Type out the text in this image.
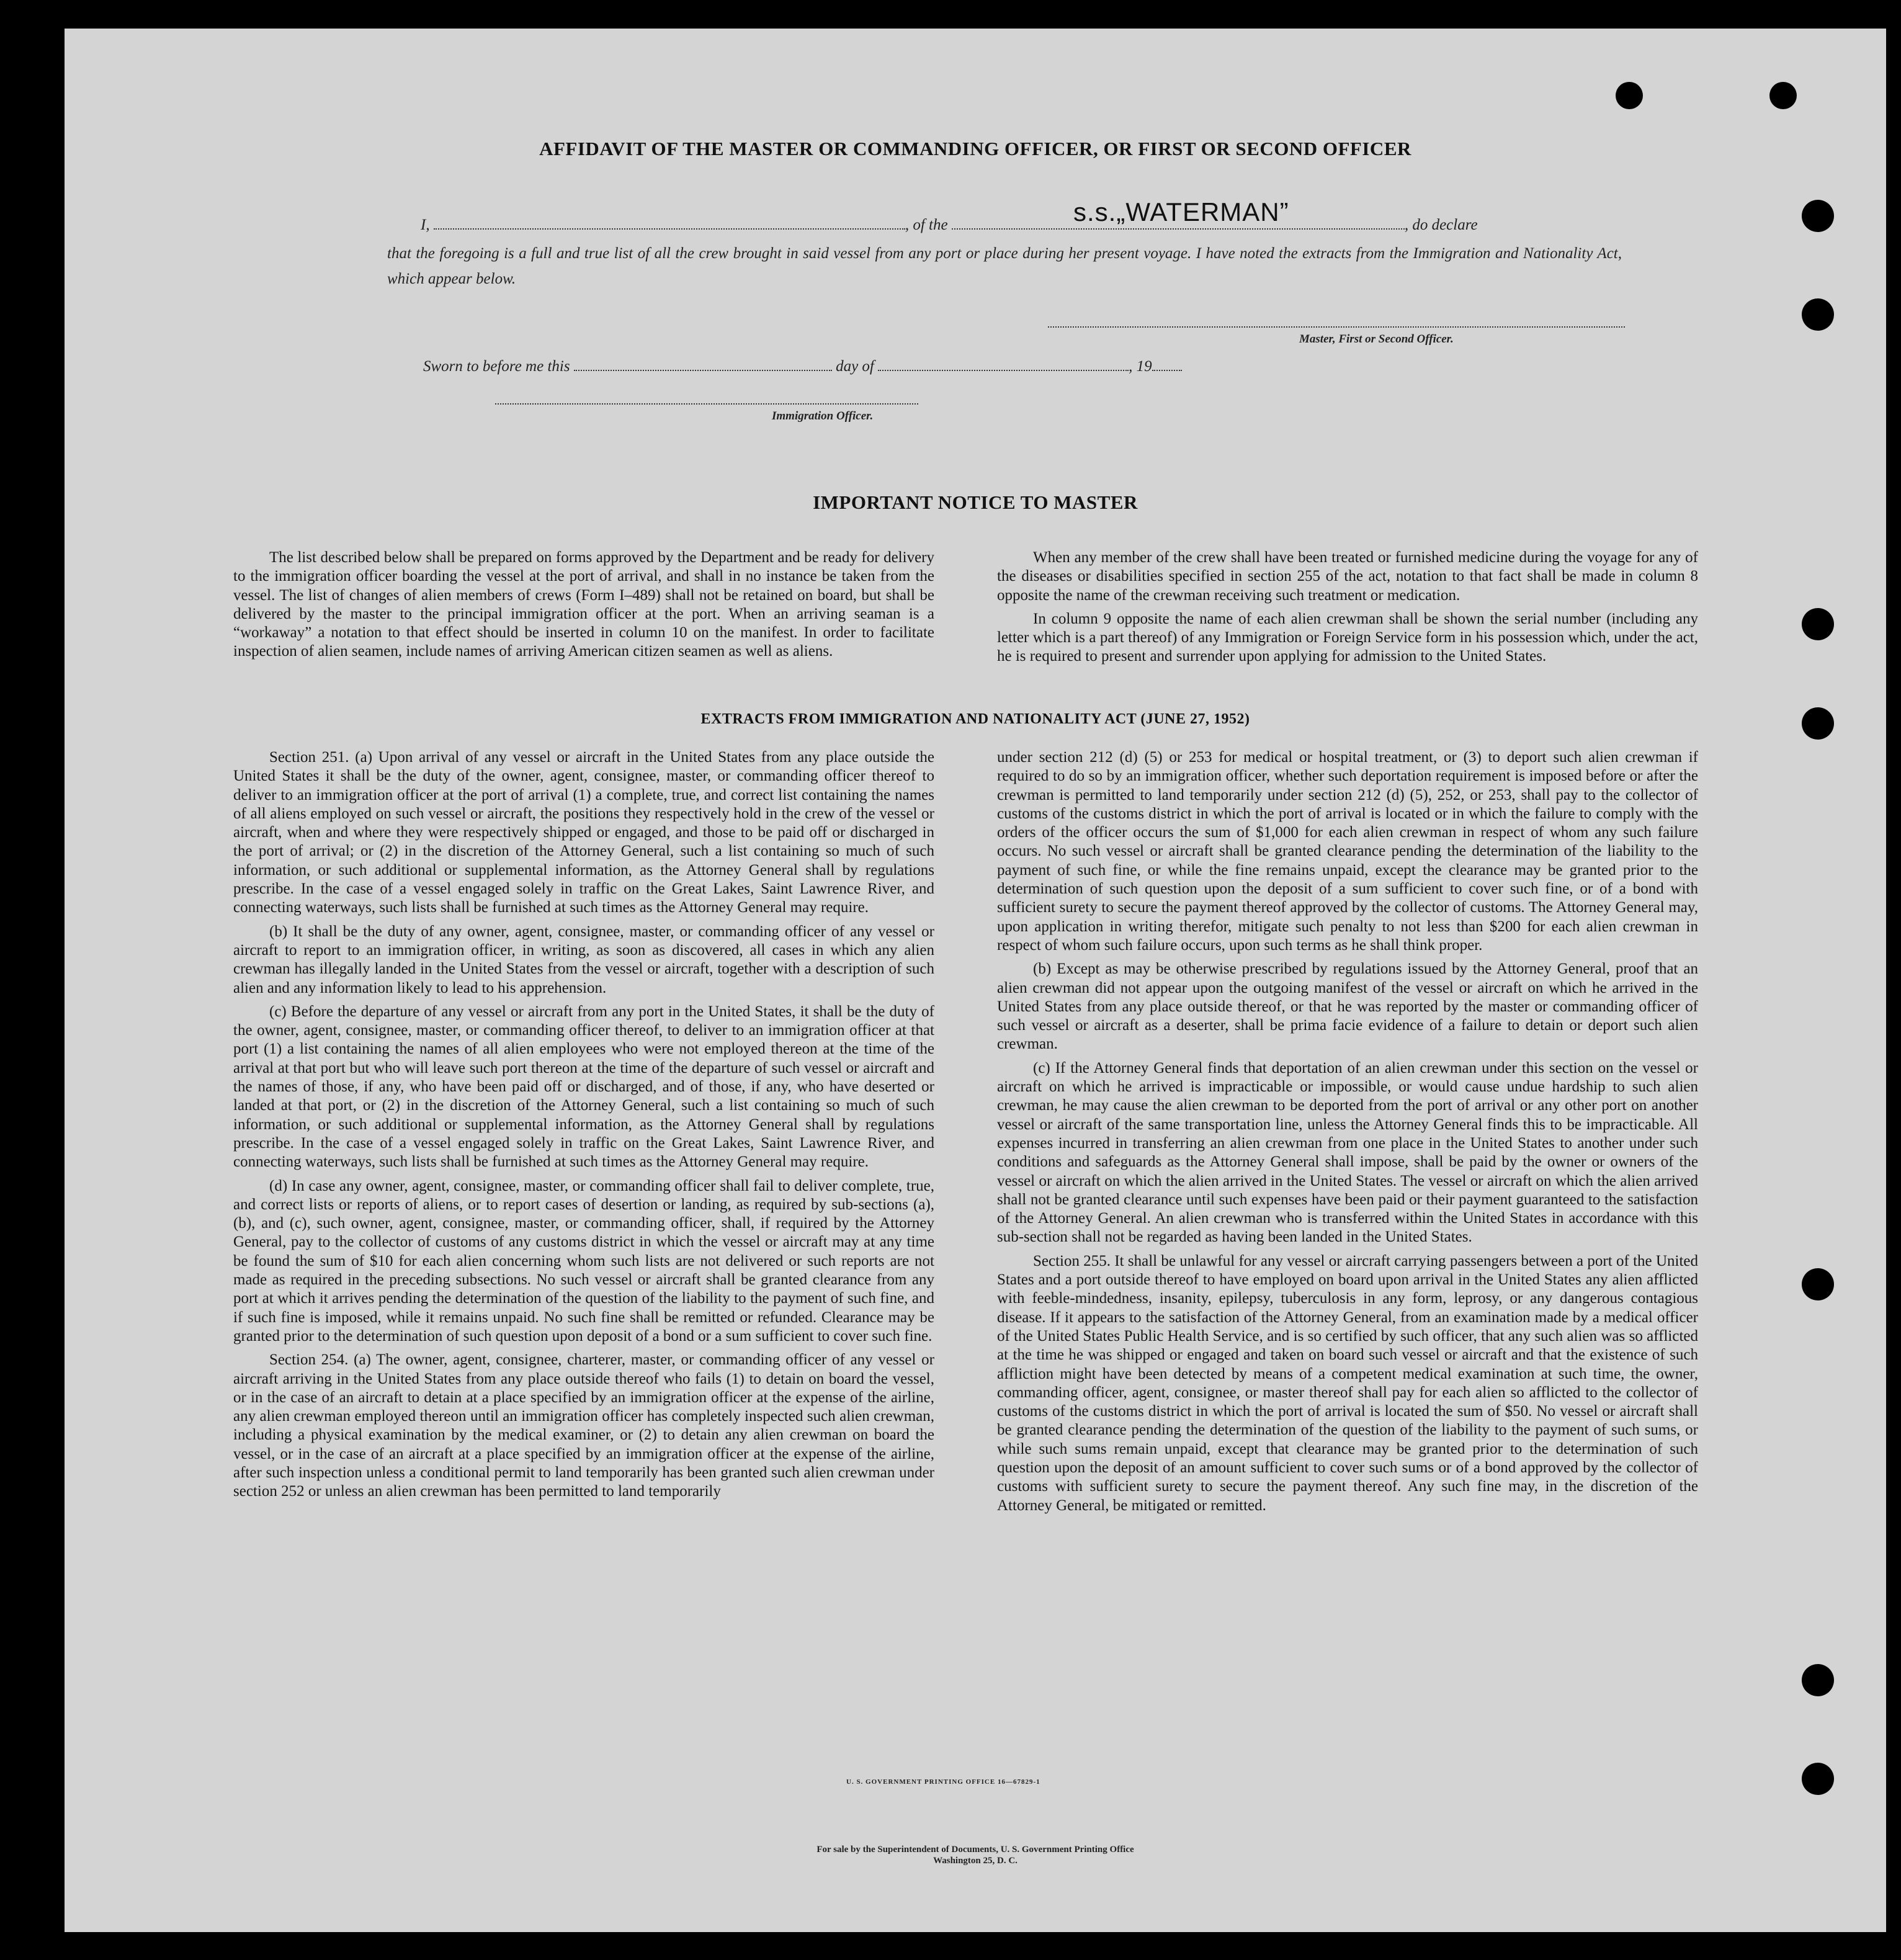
AFFIDAVIT OF THE MASTER OR COMMANDING OFFICER, OR FIRST OR SECOND OFFICER
I,	, of the	, do declare
s.s.„WATERMAN”
that the foregoing is a full and true list of all the crew brought in said vessel from any port or place during her present voyage. I have noted the extracts from the Immigration and Nationality Act, which appear below.
Master, First or Second Officer.
Sworn to before me this	day of	, 19
Immigration Officer.
IMPORTANT NOTICE TO MASTER

The list described below shall be prepared on forms approved by the Department and be ready for delivery to the immigration officer boarding the vessel at the port of arrival, and shall in no instance be taken from the vessel. The list of changes of alien members of crews (Form I–489) shall not be retained on board, but shall be delivered by the master to the principal immigration officer at the port. When an arriving seaman is a “workaway” a notation to that effect should be inserted in column 10 on the manifest. In order to facilitate inspection of alien seamen, include names of arriving American citizen seamen as well as aliens.

When any member of the crew shall have been treated or furnished medicine during the voyage for any of the diseases or disabilities specified in section 255 of the act, notation to that fact shall be made in column 8 opposite the name of the crewman receiving such treatment or medication.

In column 9 opposite the name of each alien crewman shall be shown the serial number (including any letter which is a part thereof) of any Immigration or Foreign Service form in his possession which, under the act, he is required to present and surrender upon applying for admission to the United States.

EXTRACTS FROM IMMIGRATION AND NATIONALITY ACT (JUNE 27, 1952)

Section 251. (a) Upon arrival of any vessel or aircraft in the United States from any place outside the United States it shall be the duty of the owner, agent, consignee, master, or commanding officer thereof to deliver to an immigration officer at the port of arrival (1) a complete, true, and correct list containing the names of all aliens employed on such vessel or aircraft, the positions they respectively hold in the crew of the vessel or aircraft, when and where they were respectively shipped or engaged, and those to be paid off or discharged in the port of arrival; or (2) in the discretion of the Attorney General, such a list containing so much of such information, or such additional or supplemental information, as the Attorney General shall by regulations prescribe. In the case of a vessel engaged solely in traffic on the Great Lakes, Saint Lawrence River, and connecting waterways, such lists shall be furnished at such times as the Attorney General may require.

(b) It shall be the duty of any owner, agent, consignee, master, or commanding officer of any vessel or aircraft to report to an immigration officer, in writing, as soon as discovered, all cases in which any alien crewman has illegally landed in the United States from the vessel or aircraft, together with a description of such alien and any information likely to lead to his apprehension.

(c) Before the departure of any vessel or aircraft from any port in the United States, it shall be the duty of the owner, agent, consignee, master, or commanding officer thereof, to deliver to an immigration officer at that port (1) a list containing the names of all alien employees who were not employed thereon at the time of the arrival at that port but who will leave such port thereon at the time of the departure of such vessel or aircraft and the names of those, if any, who have been paid off or discharged, and of those, if any, who have deserted or landed at that port, or (2) in the discretion of the Attorney General, such a list containing so much of such information, or such additional or supplemental information, as the Attorney General shall by regulations prescribe. In the case of a vessel engaged solely in traffic on the Great Lakes, Saint Lawrence River, and connecting waterways, such lists shall be furnished at such times as the Attorney General may require.

(d) In case any owner, agent, consignee, master, or commanding officer shall fail to deliver complete, true, and correct lists or reports of aliens, or to report cases of desertion or landing, as required by sub-sections (a), (b), and (c), such owner, agent, consignee, master, or commanding officer, shall, if required by the Attorney General, pay to the collector of customs of any customs district in which the vessel or aircraft may at any time be found the sum of $10 for each alien concerning whom such lists are not delivered or such reports are not made as required in the preceding subsections. No such vessel or aircraft shall be granted clearance from any port at which it arrives pending the determination of the question of the liability to the payment of such fine, and if such fine is imposed, while it remains unpaid. No such fine shall be remitted or refunded. Clearance may be granted prior to the determination of such question upon deposit of a bond or a sum sufficient to cover such fine.

Section 254. (a) The owner, agent, consignee, charterer, master, or commanding officer of any vessel or aircraft arriving in the United States from any place outside thereof who fails (1) to detain on board the vessel, or in the case of an aircraft to detain at a place specified by an immigration officer at the expense of the airline, any alien crewman employed thereon until an immigration officer has completely inspected such alien crewman, including a physical examination by the medical examiner, or (2) to detain any alien crewman on board the vessel, or in the case of an aircraft at a place specified by an immigration officer at the expense of the airline, after such inspection unless a conditional permit to land temporarily has been granted such alien crewman under section 252 or unless an alien crewman has been permitted to land temporarily

under section 212 (d) (5) or 253 for medical or hospital treatment, or (3) to deport such alien crewman if required to do so by an immigration officer, whether such deportation requirement is imposed before or after the crewman is permitted to land temporarily under section 212 (d) (5), 252, or 253, shall pay to the collector of customs of the customs district in which the port of arrival is located or in which the failure to comply with the orders of the officer occurs the sum of $1,000 for each alien crewman in respect of whom any such failure occurs. No such vessel or aircraft shall be granted clearance pending the determination of the liability to the payment of such fine, or while the fine remains unpaid, except the clearance may be granted prior to the determination of such question upon the deposit of a sum sufficient to cover such fine, or of a bond with sufficient surety to secure the payment thereof approved by the collector of customs. The Attorney General may, upon application in writing therefor, mitigate such penalty to not less than $200 for each alien crewman in respect of whom such failure occurs, upon such terms as he shall think proper.

(b) Except as may be otherwise prescribed by regulations issued by the Attorney General, proof that an alien crewman did not appear upon the outgoing manifest of the vessel or aircraft on which he arrived in the United States from any place outside thereof, or that he was reported by the master or commanding officer of such vessel or aircraft as a deserter, shall be prima facie evidence of a failure to detain or deport such alien crewman.

(c) If the Attorney General finds that deportation of an alien crewman under this section on the vessel or aircraft on which he arrived is impracticable or impossible, or would cause undue hardship to such alien crewman, he may cause the alien crewman to be deported from the port of arrival or any other port on another vessel or aircraft of the same transportation line, unless the Attorney General finds this to be impracticable. All expenses incurred in transferring an alien crewman from one place in the United States to another under such conditions and safeguards as the Attorney General shall impose, shall be paid by the owner or owners of the vessel or aircraft on which the alien arrived in the United States. The vessel or aircraft on which the alien arrived shall not be granted clearance until such expenses have been paid or their payment guaranteed to the satisfaction of the Attorney General. An alien crewman who is transferred within the United States in accordance with this sub-section shall not be regarded as having been landed in the United States.

Section 255. It shall be unlawful for any vessel or aircraft carrying passengers between a port of the United States and a port outside thereof to have employed on board upon arrival in the United States any alien afflicted with feeble-mindedness, insanity, epilepsy, tuberculosis in any form, leprosy, or any dangerous contagious disease. If it appears to the satisfaction of the Attorney General, from an examination made by a medical officer of the United States Public Health Service, and is so certified by such officer, that any such alien was so afflicted at the time he was shipped or engaged and taken on board such vessel or aircraft and that the existence of such affliction might have been detected by means of a competent medical examination at such time, the owner, commanding officer, agent, consignee, or master thereof shall pay for each alien so afflicted to the collector of customs of the customs district in which the port of arrival is located the sum of $50. No vessel or aircraft shall be granted clearance pending the determination of the question of the liability to the payment of such sums, or while such sums remain unpaid, except that clearance may be granted prior to the determination of such question upon the deposit of an amount sufficient to cover such sums or of a bond approved by the collector of customs with sufficient surety to secure the payment thereof. Any such fine may, in the discretion of the Attorney General, be mitigated or remitted.

U. S. GOVERNMENT PRINTING OFFICE 16—67829-1
For sale by the Superintendent of Documents, U. S. Government Printing Office
Washington 25, D. C.
